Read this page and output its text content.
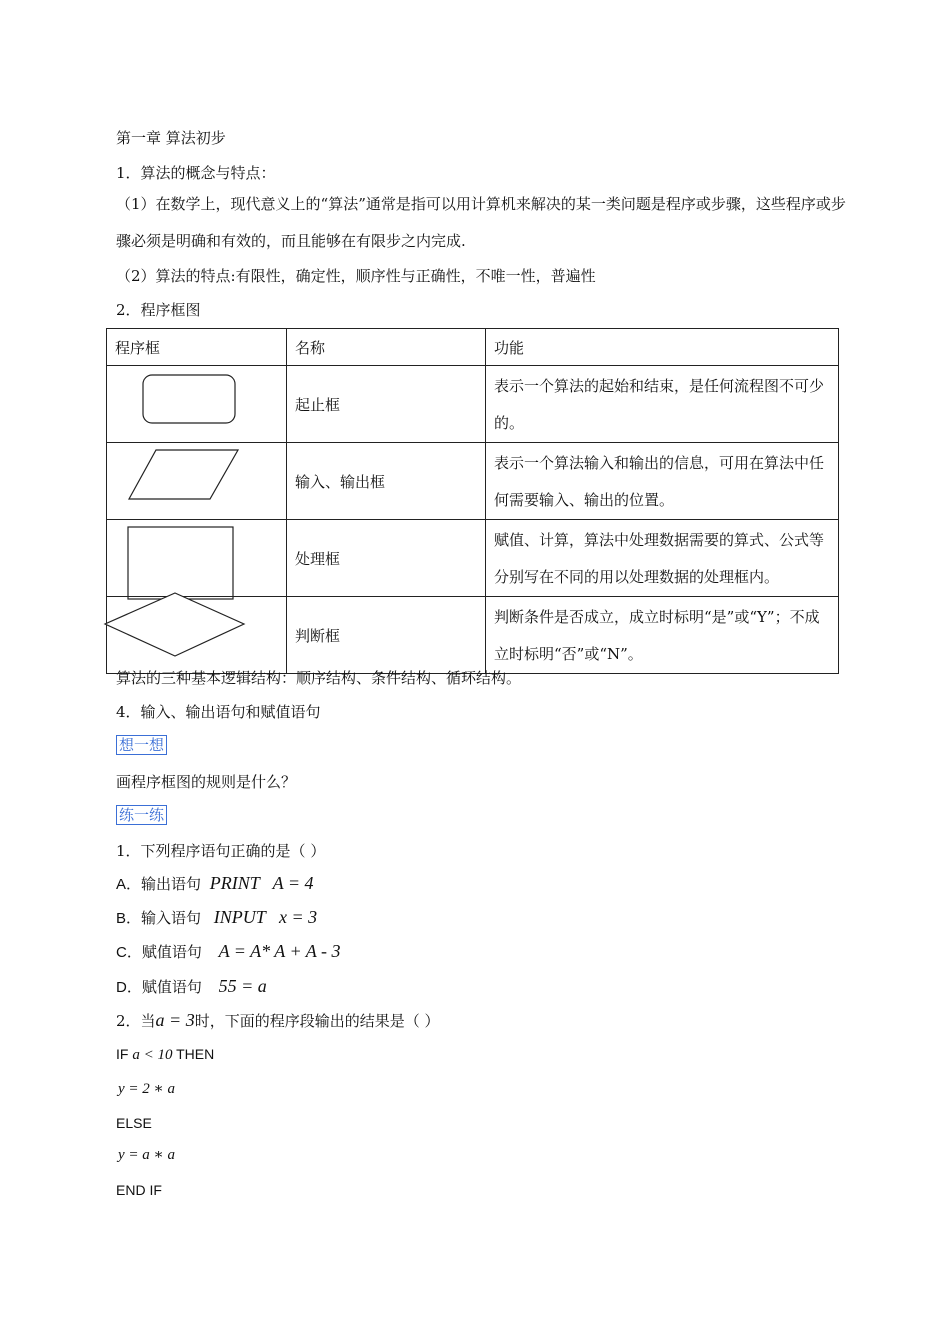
第一章 算法初步
1．算法的概念与特点：
（1）在数学上，现代意义上的“算法”通常是指可以用计算机来解决的某一类问题是程序或步骤，这些程序或步骤必须是明确和有效的，而且能够在有限步之内完成.
（2）算法的特点:有限性，确定性，顺序性与正确性，不唯一性，普遍性
2．程序框图
程序框	名称	功能
	起止框	表示一个算法的起始和结束，是任何流程图不可少的。
	输入、输出框	表示一个算法输入和输出的信息，可用在算法中任何需要输入、输出的位置。
	处理框	赋值、计算，算法中处理数据需要的算式、公式等分别写在不同的用以处理数据的处理框内。
	判断框	判断条件是否成立，成立时标明“是”或“Y”；不成立时标明“否”或“N”。
算法的三种基本逻辑结构：顺序结构、条件结构、循环结构。
4．输入、输出语句和赋值语句
想一想
画程序框图的规则是什么？
练一练
1．下列程序语句正确的是（ ）
A．输出语句 PRINT   A = 4
B．输入语句 INPUT   x = 3
C．赋值语句 A = A* A + A - 3
D．赋值语句 55 = a
2．当a = 3时，下面的程序段输出的结果是（ ）
IF a < 10 THEN
y = 2 ∗ a
ELSE
y = a ∗ a
END IF
